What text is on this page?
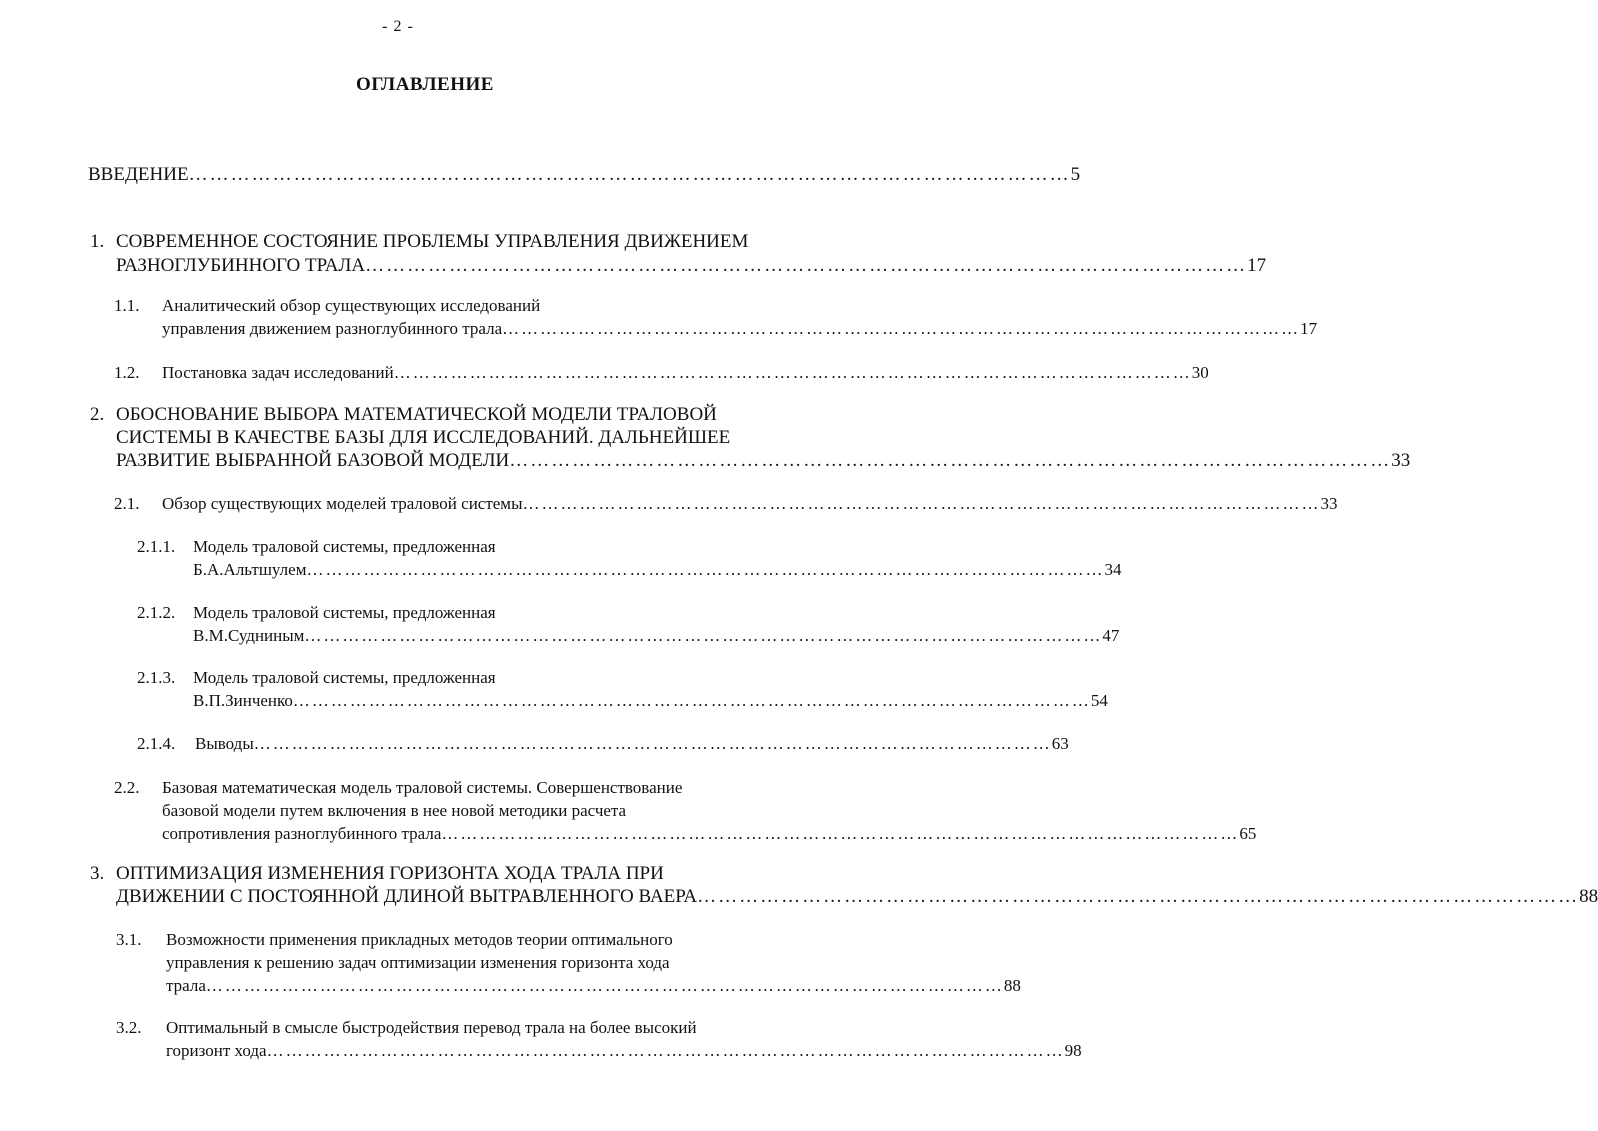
- 2 -
ОГЛАВЛЕНИЕ
ВВЕДЕНИЕ ……………………………………………………………………………………………………………… 5
1. СОВРЕМЕННОЕ СОСТОЯНИЕ ПРОБЛЕМЫ УПРАВЛЕНИЯ ДВИЖЕНИЕМ
РАЗНОГЛУБИННОГО ТРАЛА ……………………………………………………………………………………………………………… 17
1.1. Аналитический обзор существующих исследований
управления движением разноглубинного трала ……………………………………………………………………………………………………………… 17
1.2. Постановка задач исследований ……………………………………………………………………………………………………………… 30
2. ОБОСНОВАНИЕ ВЫБОРА МАТЕМАТИЧЕСКОЙ МОДЕЛИ ТРАЛОВОЙ
СИСТЕМЫ В КАЧЕСТВЕ БАЗЫ ДЛЯ ИССЛЕДОВАНИЙ. ДАЛЬНЕЙШЕЕ
РАЗВИТИЕ ВЫБРАННОЙ БАЗОВОЙ МОДЕЛИ ……………………………………………………………………………………………………………… 33
2.1. Обзор существующих моделей траловой системы ……………………………………………………………………………………………………………… 33
2.1.1. Модель траловой системы, предложенная
Б.А.Альтшулем ……………………………………………………………………………………………………………… 34
2.1.2. Модель траловой системы, предложенная
В.М.Судниным ……………………………………………………………………………………………………………… 47
2.1.3. Модель траловой системы, предложенная
В.П.Зинченко ……………………………………………………………………………………………………………… 54
2.1.4. Выводы ……………………………………………………………………………………………………………… 63
2.2. Базовая математическая модель траловой системы. Совершенствование
базовой модели путем включения в нее новой методики расчета
сопротивления разноглубинного трала ……………………………………………………………………………………………………………… 65
3. ОПТИМИЗАЦИЯ ИЗМЕНЕНИЯ ГОРИЗОНТА ХОДА ТРАЛА ПРИ
ДВИЖЕНИИ С ПОСТОЯННОЙ ДЛИНОЙ ВЫТРАВЛЕННОГО ВАЕРА ……………………………………………………………………………………………………………… 88
3.1. Возможности применения прикладных методов теории оптимального
управления к решению задач оптимизации изменения горизонта хода
трала ……………………………………………………………………………………………………………… 88
3.2. Оптимальный в смысле быстродействия перевод трала на более высокий
горизонт хода ……………………………………………………………………………………………………………… 98
